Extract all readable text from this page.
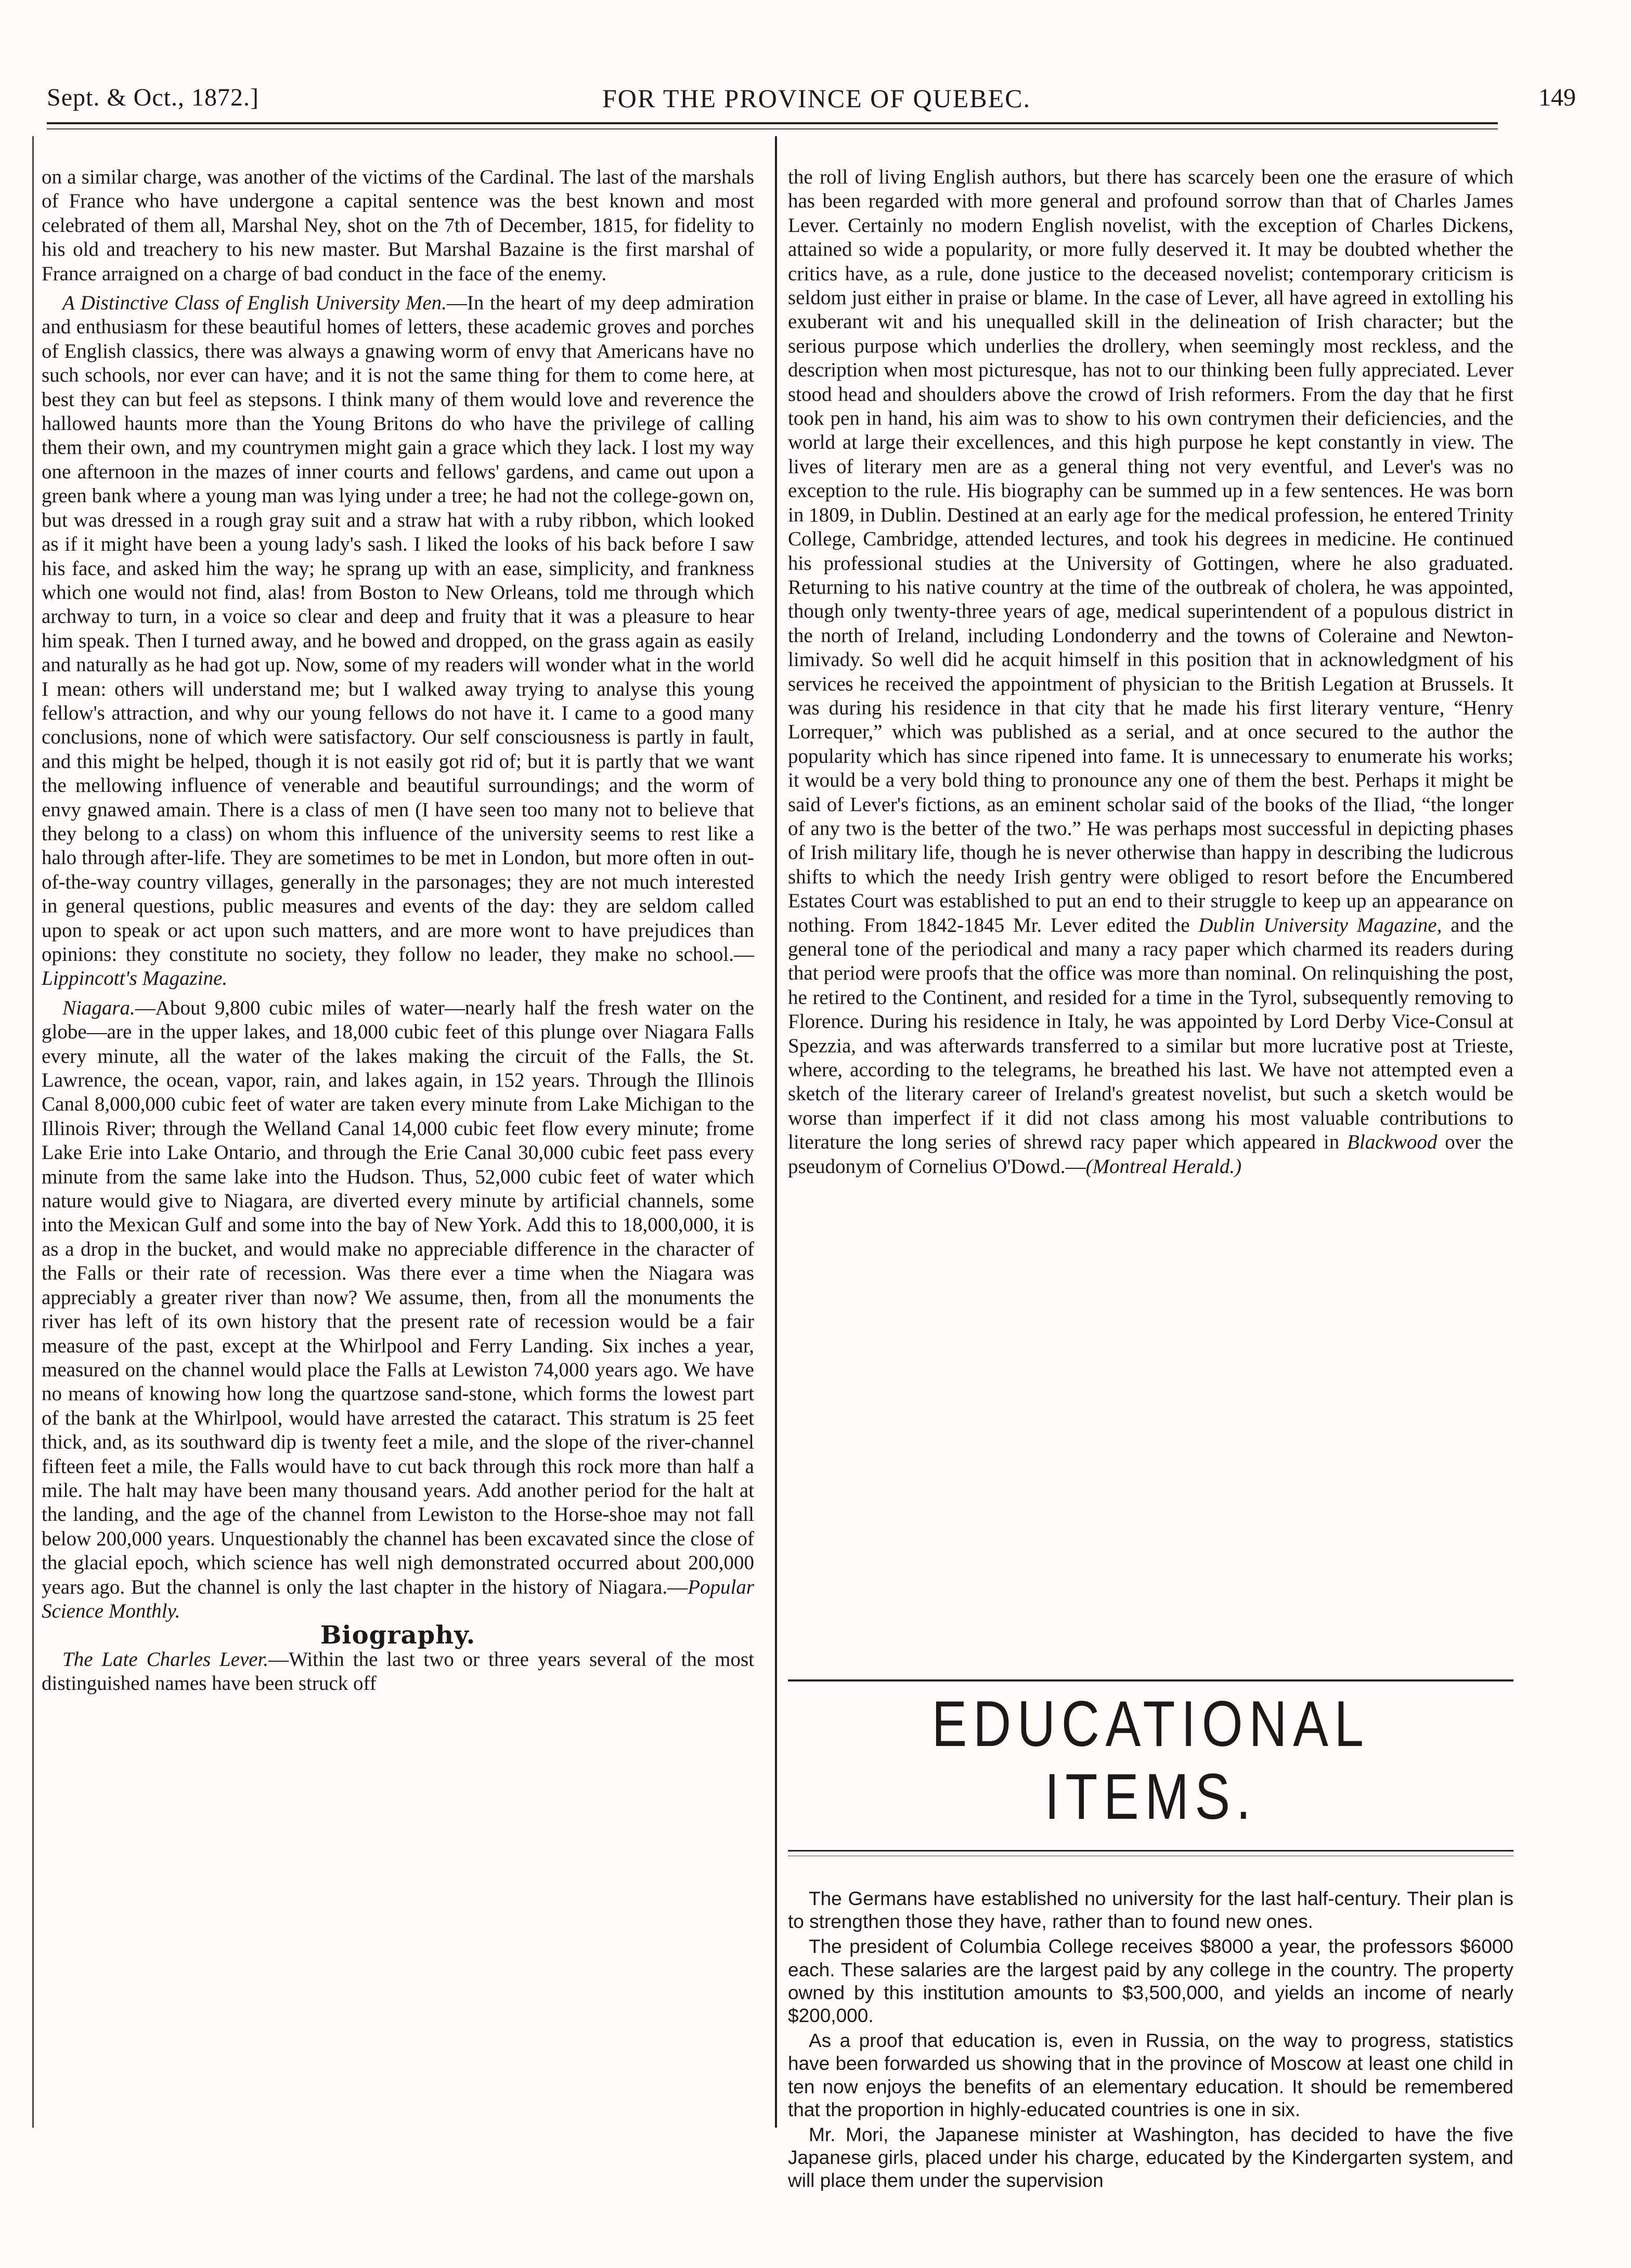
Sept. & Oct., 1872.]	FOR THE PROVINCE OF QUEBEC.	149

on a similar charge, was another of the victims of the Cardinal. The last of the marshals of France who have undergone a capital sentence was the best known and most celebrated of them all, Marshal Ney, shot on the 7th of December, 1815, for fidelity to his old and treachery to his new master. But Marshal Bazaine is the first marshal of France arraigned on a charge of bad conduct in the face of the enemy.

A Distinctive Class of English University Men.—In the heart of my deep admiration and enthusiasm for these beautiful homes of letters, these academic groves and porches of English classics, there was always a gnawing worm of envy that Americans have no such schools, nor ever can have; and it is not the same thing for them to come here, at best they can but feel as stepsons. I think many of them would love and reverence the hallowed haunts more than the Young Britons do who have the privilege of calling them their own, and my countrymen might gain a grace which they lack. I lost my way one afternoon in the mazes of inner courts and fellows' gardens, and came out upon a green bank where a young man was lying under a tree; he had not the college-gown on, but was dressed in a rough gray suit and a straw hat with a ruby ribbon, which looked as if it might have been a young lady's sash. I liked the looks of his back before I saw his face, and asked him the way; he sprang up with an ease, simplicity, and frankness which one would not find, alas! from Boston to New Orleans, told me through which archway to turn, in a voice so clear and deep and fruity that it was a pleasure to hear him speak. Then I turned away, and he bowed and dropped, on the grass again as easily and naturally as he had got up. Now, some of my readers will wonder what in the world I mean: others will understand me; but I walked away trying to analyse this young fellow's attraction, and why our young fellows do not have it. I came to a good many conclusions, none of which were satisfactory. Our self consciousness is partly in fault, and this might be helped, though it is not easily got rid of; but it is partly that we want the mellowing influence of venerable and beautiful surroundings; and the worm of envy gnawed amain. There is a class of men (I have seen too many not to believe that they belong to a class) on whom this influence of the university seems to rest like a halo through after-life. They are sometimes to be met in London, but more often in out-of-the-way country villages, generally in the parsonages; they are not much interested in general questions, public measures and events of the day: they are seldom called upon to speak or act upon such matters, and are more wont to have prejudices than opinions: they constitute no society, they follow no leader, they make no school.—Lippincott's Magazine.

Niagara.—About 9,800 cubic miles of water—nearly half the fresh water on the globe—are in the upper lakes, and 18,000 cubic feet of this plunge over Niagara Falls every minute, all the water of the lakes making the circuit of the Falls, the St. Lawrence, the ocean, vapor, rain, and lakes again, in 152 years. Through the Illinois Canal 8,000,000 cubic feet of water are taken every minute from Lake Michigan to the Illinois River; through the Welland Canal 14,000 cubic feet flow every minute; frome Lake Erie into Lake Ontario, and through the Erie Canal 30,000 cubic feet pass every minute from the same lake into the Hudson. Thus, 52,000 cubic feet of water which nature would give to Niagara, are diverted every minute by artificial channels, some into the Mexican Gulf and some into the bay of New York. Add this to 18,000,000, it is as a drop in the bucket, and would make no appreciable difference in the character of the Falls or their rate of recession. Was there ever a time when the Niagara was appreciably a greater river than now? We assume, then, from all the monuments the river has left of its own history that the present rate of recession would be a fair measure of the past, except at the Whirlpool and Ferry Landing. Six inches a year, measured on the channel would place the Falls at Lewiston 74,000 years ago. We have no means of knowing how long the quartzose sand-stone, which forms the lowest part of the bank at the Whirlpool, would have arrested the cataract. This stratum is 25 feet thick, and, as its southward dip is twenty feet a mile, and the slope of the river-channel fifteen feet a mile, the Falls would have to cut back through this rock more than half a mile. The halt may have been many thousand years. Add another period for the halt at the landing, and the age of the channel from Lewiston to the Horse-shoe may not fall below 200,000 years. Unquestionably the channel has been excavated since the close of the glacial epoch, which science has well nigh demonstrated occurred about 200,000 years ago. But the channel is only the last chapter in the history of Niagara.—Popular Science Monthly.

Biography.

The Late Charles Lever.—Within the last two or three years several of the most distinguished names have been struck off

the roll of living English authors, but there has scarcely been one the erasure of which has been regarded with more general and profound sorrow than that of Charles James Lever. Certainly no modern English novelist, with the exception of Charles Dickens, attained so wide a popularity, or more fully deserved it. It may be doubted whether the critics have, as a rule, done justice to the deceased novelist; contemporary criticism is seldom just either in praise or blame. In the case of Lever, all have agreed in extolling his exuberant wit and his unequalled skill in the delineation of Irish character; but the serious purpose which underlies the drollery, when seemingly most reckless, and the description when most picturesque, has not to our thinking been fully appreciated. Lever stood head and shoulders above the crowd of Irish reformers. From the day that he first took pen in hand, his aim was to show to his own contrymen their deficiencies, and the world at large their excellences, and this high purpose he kept constantly in view. The lives of literary men are as a general thing not very eventful, and Lever's was no exception to the rule. His biography can be summed up in a few sentences. He was born in 1809, in Dublin. Destined at an early age for the medical profession, he entered Trinity College, Cambridge, attended lectures, and took his degrees in medicine. He continued his professional studies at the University of Gottingen, where he also graduated. Returning to his native country at the time of the outbreak of cholera, he was appointed, though only twenty-three years of age, medical superintendent of a populous district in the north of Ireland, including Londonderry and the towns of Coleraine and Newton-limivady. So well did he acquit himself in this position that in acknowledgment of his services he received the appointment of physician to the British Legation at Brussels. It was during his residence in that city that he made his first literary venture, “Henry Lorrequer,” which was published as a serial, and at once secured to the author the popularity which has since ripened into fame. It is unnecessary to enumerate his works; it would be a very bold thing to pronounce any one of them the best. Perhaps it might be said of Lever's fictions, as an eminent scholar said of the books of the Iliad, “the longer of any two is the better of the two.” He was perhaps most successful in depicting phases of Irish military life, though he is never otherwise than happy in describing the ludicrous shifts to which the needy Irish gentry were obliged to resort before the Encumbered Estates Court was established to put an end to their struggle to keep up an appearance on nothing. From 1842-1845 Mr. Lever edited the Dublin University Magazine, and the general tone of the periodical and many a racy paper which charmed its readers during that period were proofs that the office was more than nominal. On relinquishing the post, he retired to the Continent, and resided for a time in the Tyrol, subsequently removing to Florence. During his residence in Italy, he was appointed by Lord Derby Vice-Consul at Spezzia, and was afterwards transferred to a similar but more lucrative post at Trieste, where, according to the telegrams, he breathed his last. We have not attempted even a sketch of the literary career of Ireland's greatest novelist, but such a sketch would be worse than imperfect if it did not class among his most valuable contributions to literature the long series of shrewd racy paper which appeared in Blackwood over the pseudonym of Cornelius O'Dowd.—(Montreal Herald.)

EDUCATIONAL ITEMS.

The Germans have established no university for the last half-century. Their plan is to strengthen those they have, rather than to found new ones.

The president of Columbia College receives $8000 a year, the professors $6000 each. These salaries are the largest paid by any college in the country. The property owned by this institution amounts to $3,500,000, and yields an income of nearly $200,000.

As a proof that education is, even in Russia, on the way to progress, statistics have been forwarded us showing that in the province of Moscow at least one child in ten now enjoys the benefits of an elementary education. It should be remembered that the proportion in highly-educated countries is one in six.

Mr. Mori, the Japanese minister at Washington, has decided to have the five Japanese girls, placed under his charge, educated by the Kindergarten system, and will place them under the supervision
